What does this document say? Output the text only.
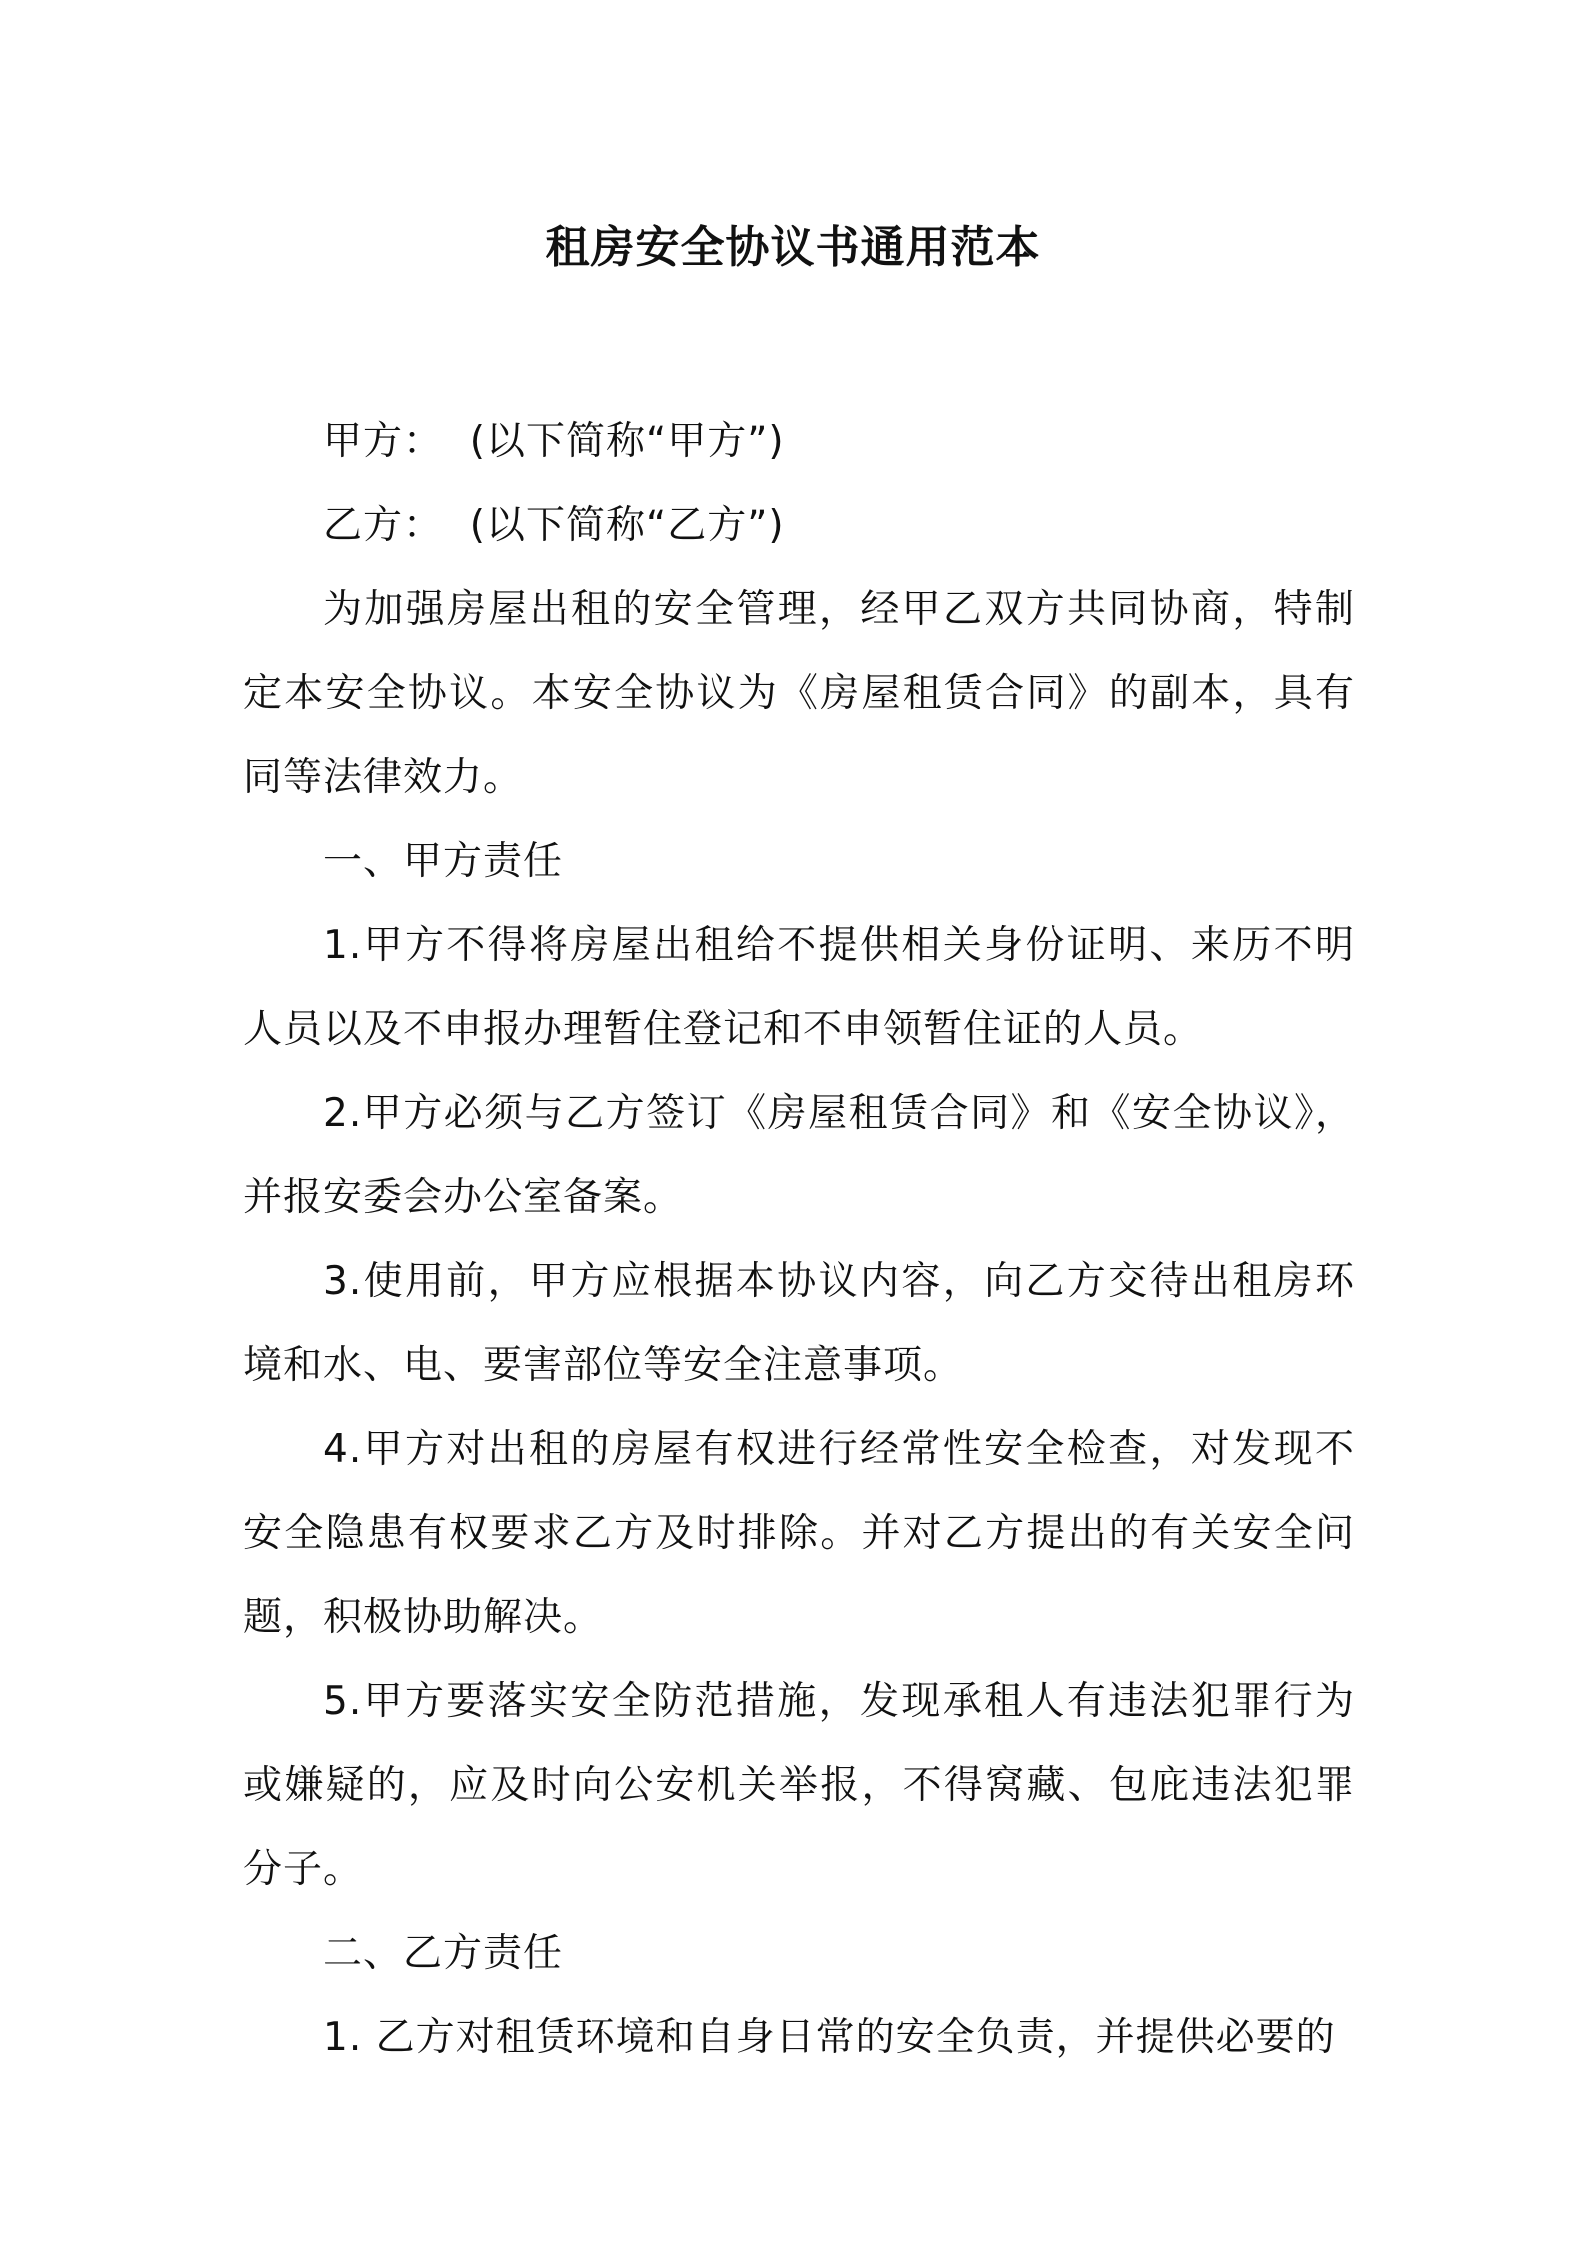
租房安全协议书通用范本

甲方：  (以下简称“甲方”)

乙方：  (以下简称“乙方”)

为加强房屋出租的安全管理，经甲乙双方共同协商，特制定本安全协议。本安全协议为《房屋租赁合同》的副本，具有同等法律效力。

一、甲方责任

1.甲方不得将房屋出租给不提供相关身份证明、来历不明人员以及不申报办理暂住登记和不申领暂住证的人员。

2.甲方必须与乙方签订《房屋租赁合同》和《安全协议》，并报安委会办公室备案。

3.使用前，甲方应根据本协议内容，向乙方交待出租房环境和水、电、要害部位等安全注意事项。

4.甲方对出租的房屋有权进行经常性安全检查，对发现不安全隐患有权要求乙方及时排除。并对乙方提出的有关安全问题，积极协助解决。

5.甲方要落实安全防范措施，发现承租人有违法犯罪行为或嫌疑的，应及时向公安机关举报，不得窝藏、包庇违法犯罪分子。

二、乙方责任

1. 乙方对租赁环境和自身日常的安全负责，并提供必要的
